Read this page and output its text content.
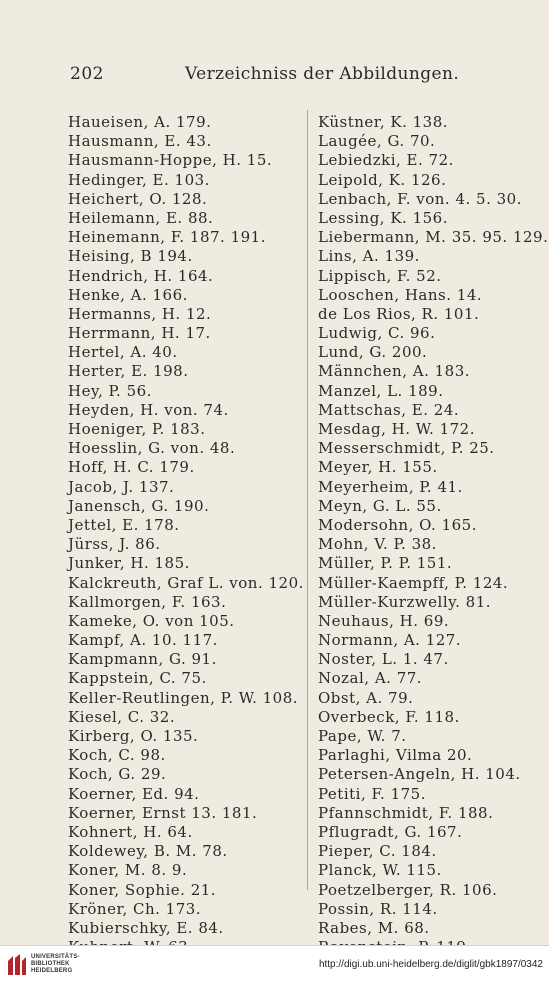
202	Verzeichniss der Abbildungen.
Haueisen, A. 179.
Hausmann, E. 43.
Hausmann-Hoppe, H. 15.
Hedinger, E. 103.
Heichert, O. 128.
Heilemann, E. 88.
Heinemann, F. 187. 191.
Heising, B 194.
Hendrich, H. 164.
Henke, A. 166.
Hermanns, H. 12.
Herrmann, H. 17.
Hertel, A. 40.
Herter, E. 198.
Hey, P. 56.
Heyden, H. von. 74.
Hoeniger, P. 183.
Hoesslin, G. von. 48.
Hoff, H. C. 179.
Jacob, J. 137.
Janensch, G. 190.
Jettel, E. 178.
Jürss, J. 86.
Junker, H. 185.
Kalckreuth, Graf L. von. 120.
Kallmorgen, F. 163.
Kameke, O. von 105.
Kampf, A. 10. 117.
Kampmann, G. 91.
Kappstein, C. 75.
Keller-Reutlingen, P. W. 108.
Kiesel, C. 32.
Kirberg, O. 135.
Koch, C. 98.
Koch, G. 29.
Koerner, Ed. 94.
Koerner, Ernst 13. 181.
Kohnert, H. 64.
Koldewey, B. M. 78.
Koner, M. 8. 9.
Koner, Sophie. 21.
Kröner, Ch. 173.
Kubierschky, E. 84.
Küstner, K. 138.
Laugée, G. 70.
Lebiedzki, E. 72.
Leipold, K. 126.
Lenbach, F. von. 4. 5. 30.
Lessing, K. 156.
Liebermann, M. 35. 95. 129.
Lins, A. 139.
Lippisch, F. 52.
Looschen, Hans. 14.
de Los Rios, R. 101.
Ludwig, C. 96.
Lund, G. 200.
Männchen, A. 183.
Manzel, L. 189.
Mattschas, E. 24.
Mesdag, H. W. 172.
Messerschmidt, P. 25.
Meyer, H. 155.
Meyerheim, P. 41.
Meyn, G. L. 55.
Modersohn, O. 165.
Mohn, V. P. 38.
Müller, P. P. 151.
Müller-Kaempff, P. 124.
Müller-Kurzwelly. 81.
Neuhaus, H. 69.
Normann, A. 127.
Noster, L. 1. 47.
Nozal, A. 77.
Obst, A. 79.
Overbeck, F. 118.
Pape, W. 7.
Parlaghi, Vilma 20.
Petersen-Angeln, H. 104.
Petiti, F. 175.
Pfannschmidt, F. 188.
Pflugradt, G. 167.
Pieper, C. 184.
Planck, W. 115.
Poetzelberger, R. 106.
Possin, R. 114.
Rabes, M. 68.
UNIVERSITÄTS-
BIBLIOTHEK
HEIDELBERG
http://digi.ub.uni-heidelberg.de/diglit/gbk1897/0342
